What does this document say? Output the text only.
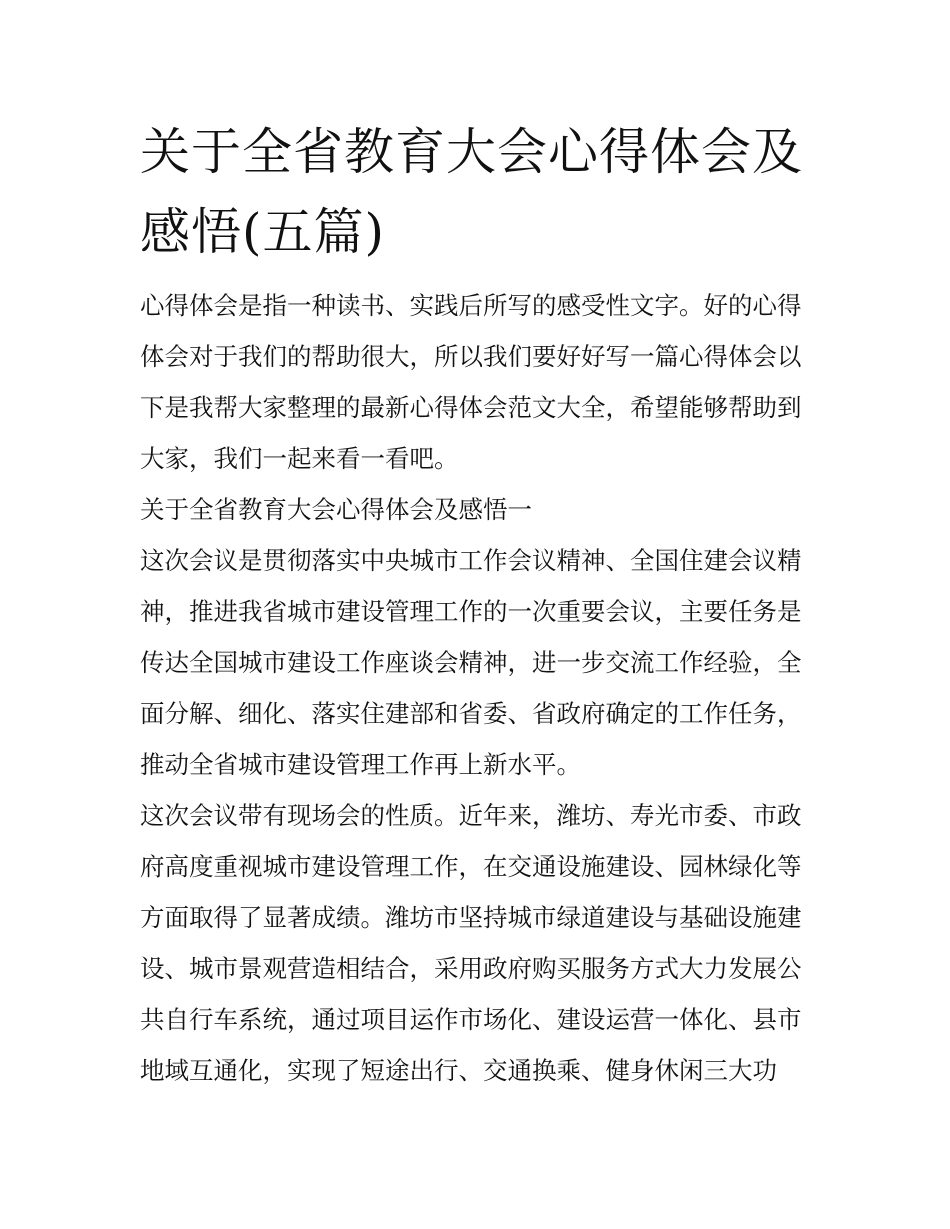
关于全省教育大会心得体会及
感悟(五篇)
心得体会是指一种读书、实践后所写的感受性文字。好的心得
体会对于我们的帮助很大，所以我们要好好写一篇心得体会以
下是我帮大家整理的最新心得体会范文大全，希望能够帮助到
大家，我们一起来看一看吧。
关于全省教育大会心得体会及感悟一
这次会议是贯彻落实中央城市工作会议精神、全国住建会议精
神，推进我省城市建设管理工作的一次重要会议，主要任务是
传达全国城市建设工作座谈会精神，进一步交流工作经验，全
面分解、细化、落实住建部和省委、省政府确定的工作任务，
推动全省城市建设管理工作再上新水平。
这次会议带有现场会的性质。近年来，潍坊、寿光市委、市政
府高度重视城市建设管理工作，在交通设施建设、园林绿化等
方面取得了显著成绩。潍坊市坚持城市绿道建设与基础设施建
设、城市景观营造相结合，采用政府购买服务方式大力发展公
共自行车系统，通过项目运作市场化、建设运营一体化、县市
地域互通化，实现了短途出行、交通换乘、健身休闲三大功
